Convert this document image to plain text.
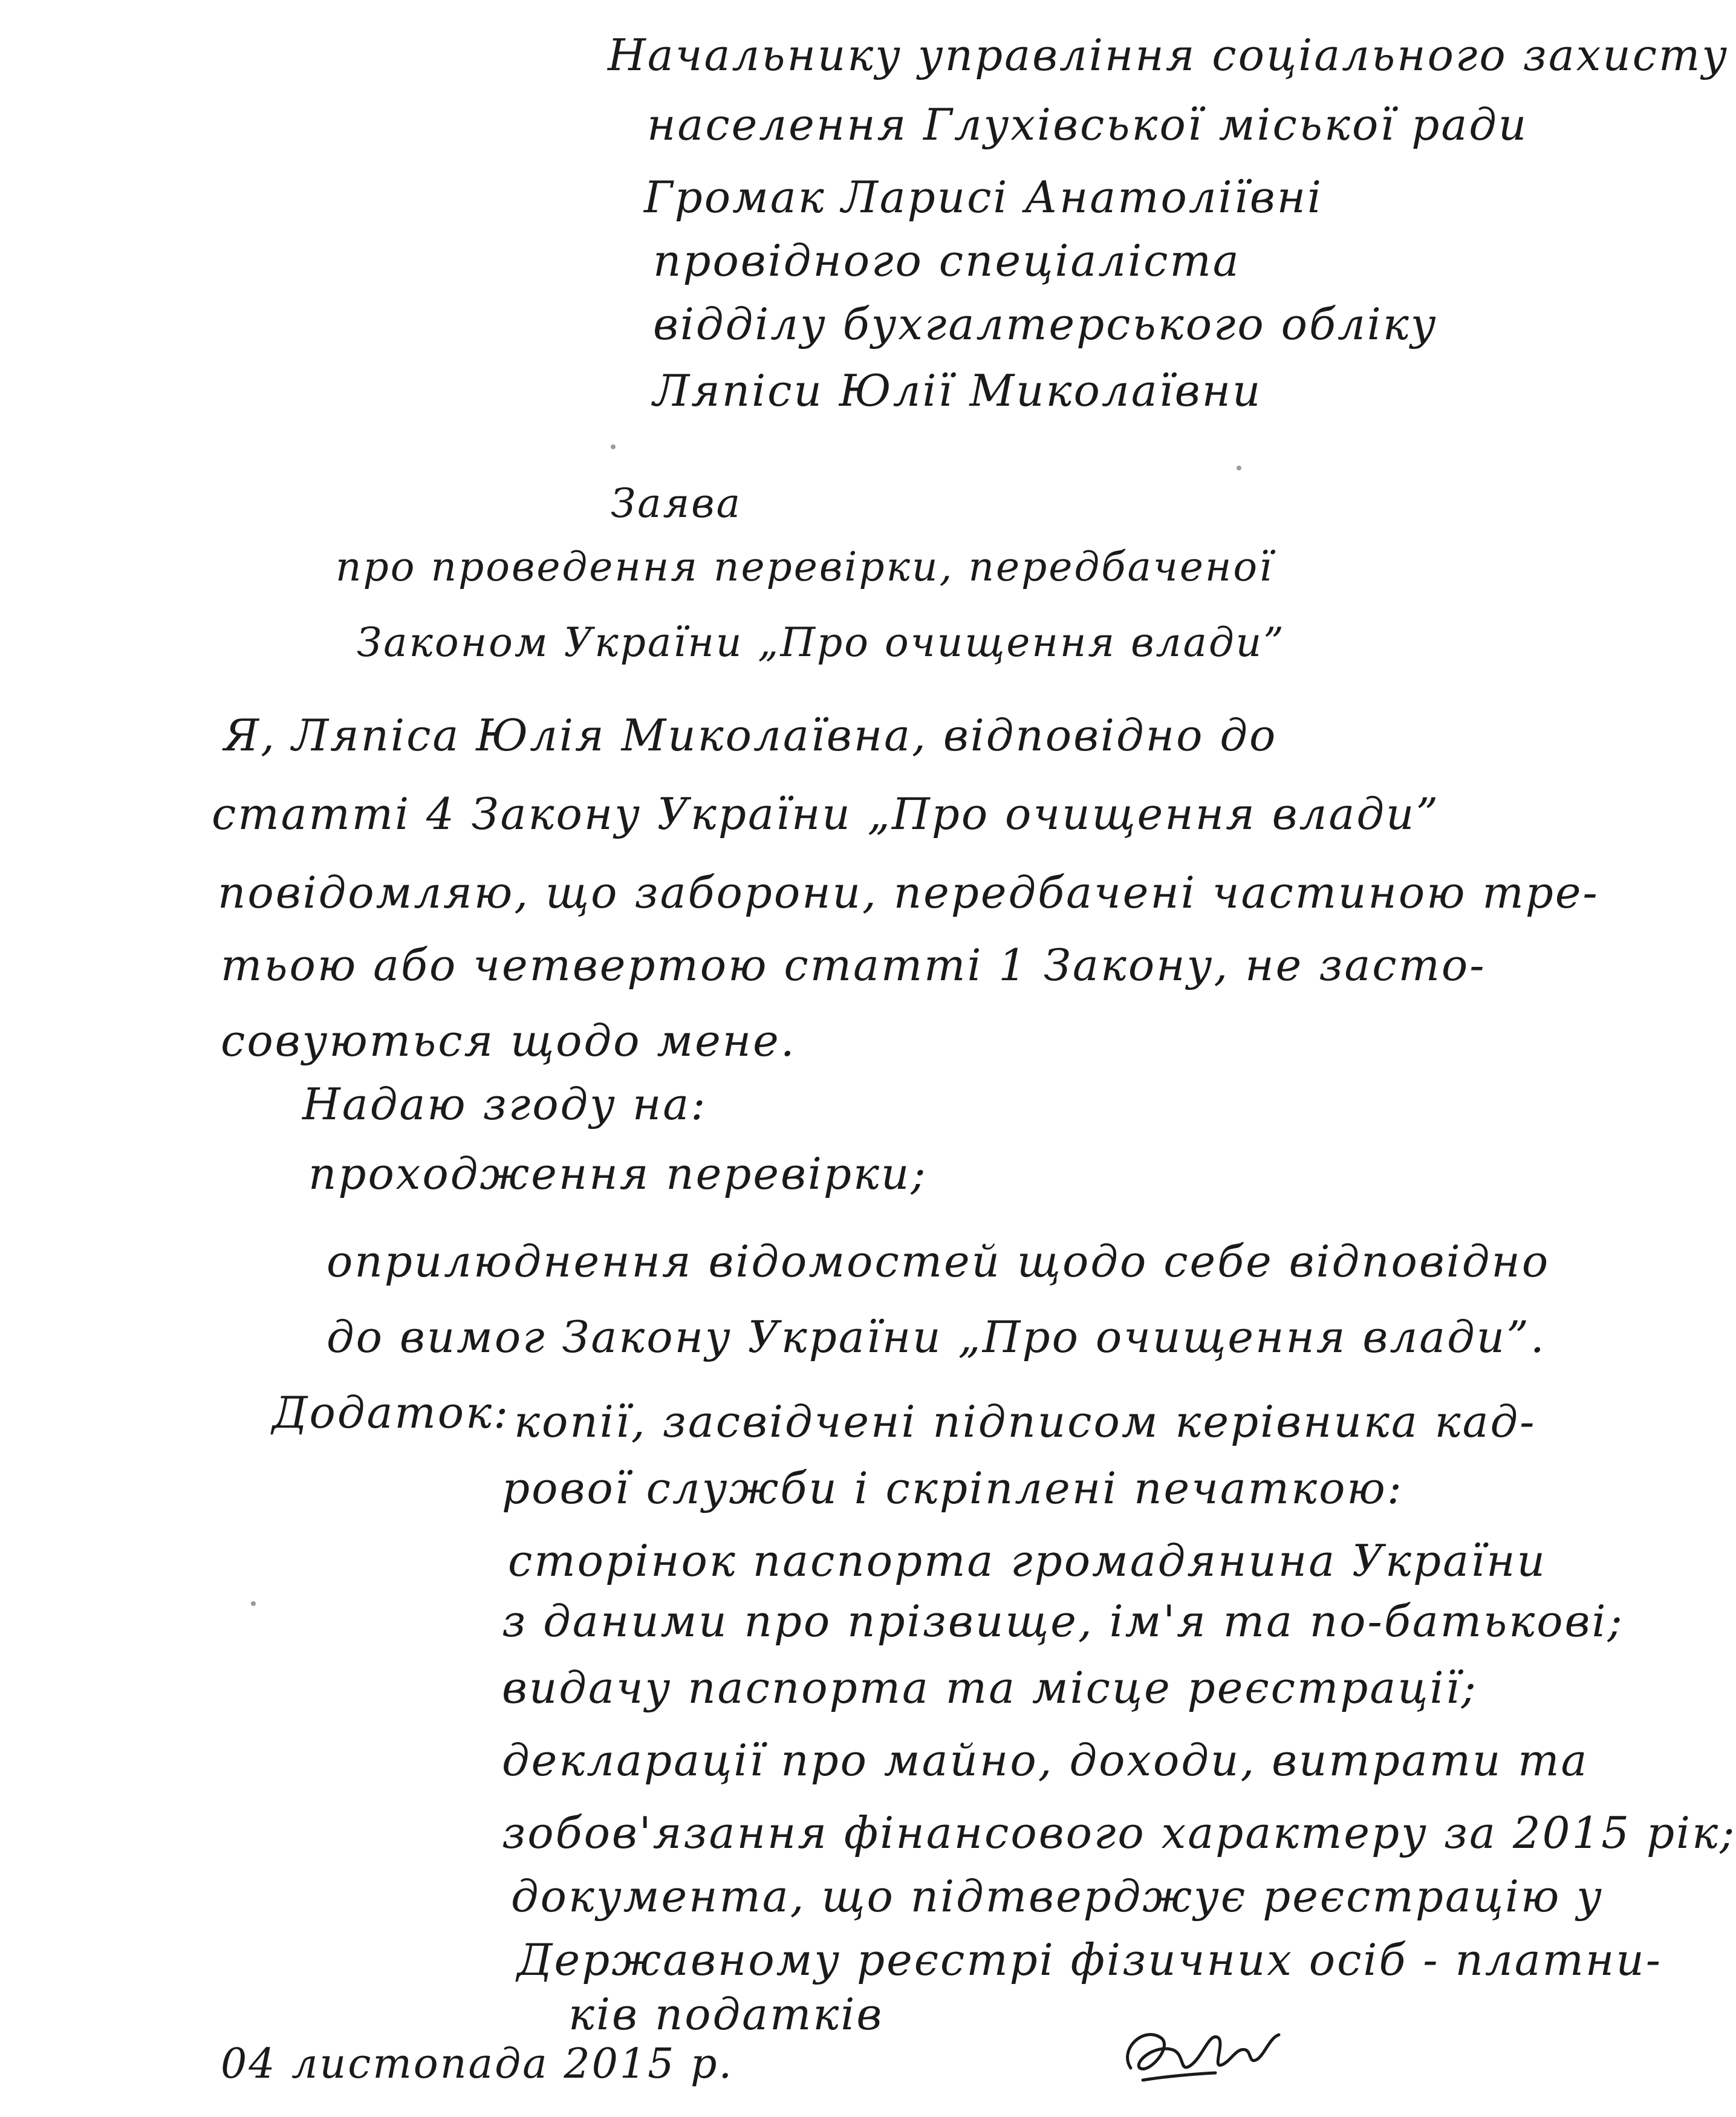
Начальнику управління соціального захисту
населення Глухівської міської ради
Громак Ларисі Анатоліївні
провідного спеціаліста
відділу бухгалтерського обліку
Ляпіси Юлії Миколаївни
Заява
про проведення перевірки, передбаченої
Законом України „Про очищення влади”
Я, Ляпіса Юлія Миколаївна, відповідно до
статті 4 Закону України „Про очищення влади”
повідомляю, що заборони, передбачені частиною тре-
тьою або четвертою статті 1 Закону, не засто-
совуються щодо мене.
Надаю згоду на:
проходження перевірки;
оприлюднення відомостей щодо себе відповідно
до вимог Закону України „Про очищення влади”.
Додаток: копії, засвідчені підписом керівника кад-
рової служби і скріплені печаткою:
сторінок паспорта громадянина України
з даними про прізвище, ім'я та по-батькові;
видачу паспорта та місце реєстрації;
декларації про майно, доходи, витрати та
зобов'язання фінансового характеру за 2015 рік;
документа, що підтверджує реєстрацію у
Державному реєстрі фізичних осіб - платни-
ків податків
04 листопада 2015 р.
